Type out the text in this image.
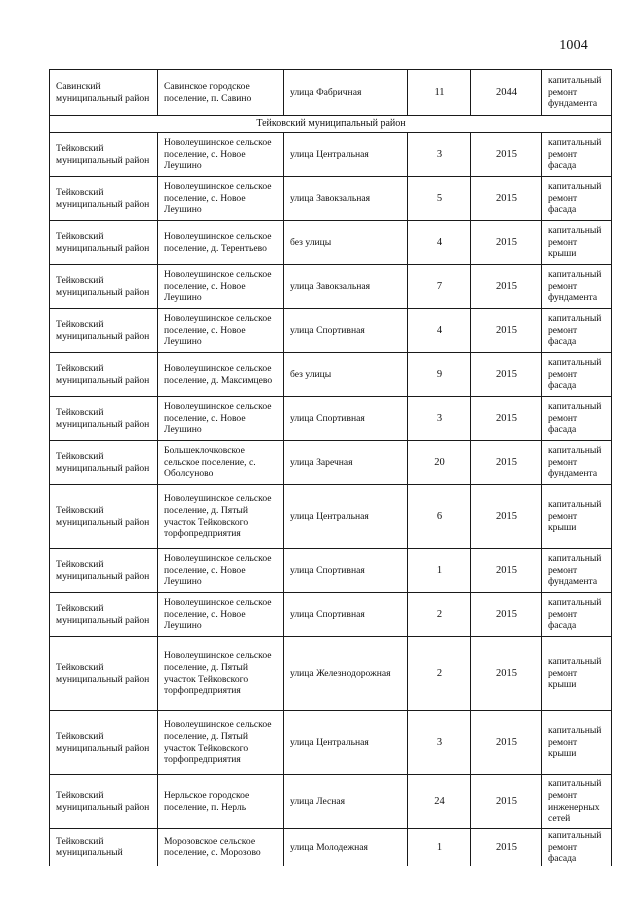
1004
Савинский муниципальный район	Савинское городское поселение, п. Савино	улица Фабричная	11	2044	капитальный ремонт фундамента
Тейковский муниципальный район					
Тейковский муниципальный район	Новолеушинское сельское поселение, с. Новое Леушино	улица Центральная	3	2015	капитальный ремонт фасада
Тейковский муниципальный район	Новолеушинское сельское поселение, с. Новое Леушино	улица Завокзальная	5	2015	капитальный ремонт фасада
Тейковский муниципальный район	Новолеушинское сельское поселение, д. Терентьево	без улицы	4	2015	капитальный ремонт крыши
Тейковский муниципальный район	Новолеушинское сельское поселение, с. Новое Леушино	улица Завокзальная	7	2015	капитальный ремонт фундамента
Тейковский муниципальный район	Новолеушинское сельское поселение, с. Новое Леушино	улица Спортивная	4	2015	капитальный ремонт фасада
Тейковский муниципальный район	Новолеушинское сельское поселение, д. Максимцево	без улицы	9	2015	капитальный ремонт фасада
Тейковский муниципальный район	Новолеушинское сельское поселение, с. Новое Леушино	улица Спортивная	3	2015	капитальный ремонт фасада
Тейковский муниципальный район	Большеклочковское сельское поселение, с. Оболсуново	улица Заречная	20	2015	капитальный ремонт фундамента
Тейковский муниципальный район	Новолеушинское сельское поселение, д. Пятый участок Тейковского торфопредприятия	улица Центральная	6	2015	капитальный ремонт крыши
Тейковский муниципальный район	Новолеушинское сельское поселение, с. Новое Леушино	улица Спортивная	1	2015	капитальный ремонт фундамента
Тейковский муниципальный район	Новолеушинское сельское поселение, с. Новое Леушино	улица Спортивная	2	2015	капитальный ремонт фасада
Тейковский муниципальный район	Новолеушинское сельское поселение, д. Пятый участок Тейковского торфопредприятия	улица Железнодорожная	2	2015	капитальный ремонт крыши
Тейковский муниципальный район	Новолеушинское сельское поселение, д. Пятый участок Тейковского торфопредприятия	улица Центральная	3	2015	капитальный ремонт крыши
Тейковский муниципальный район	Нерльское городское поселение, п. Нерль	улица Лесная	24	2015	капитальный ремонт инженерных сетей
Тейковский муниципальный	Морозовское сельское поселение, с. Морозово	улица Молодежная	1	2015	капитальный ремонт фасада
